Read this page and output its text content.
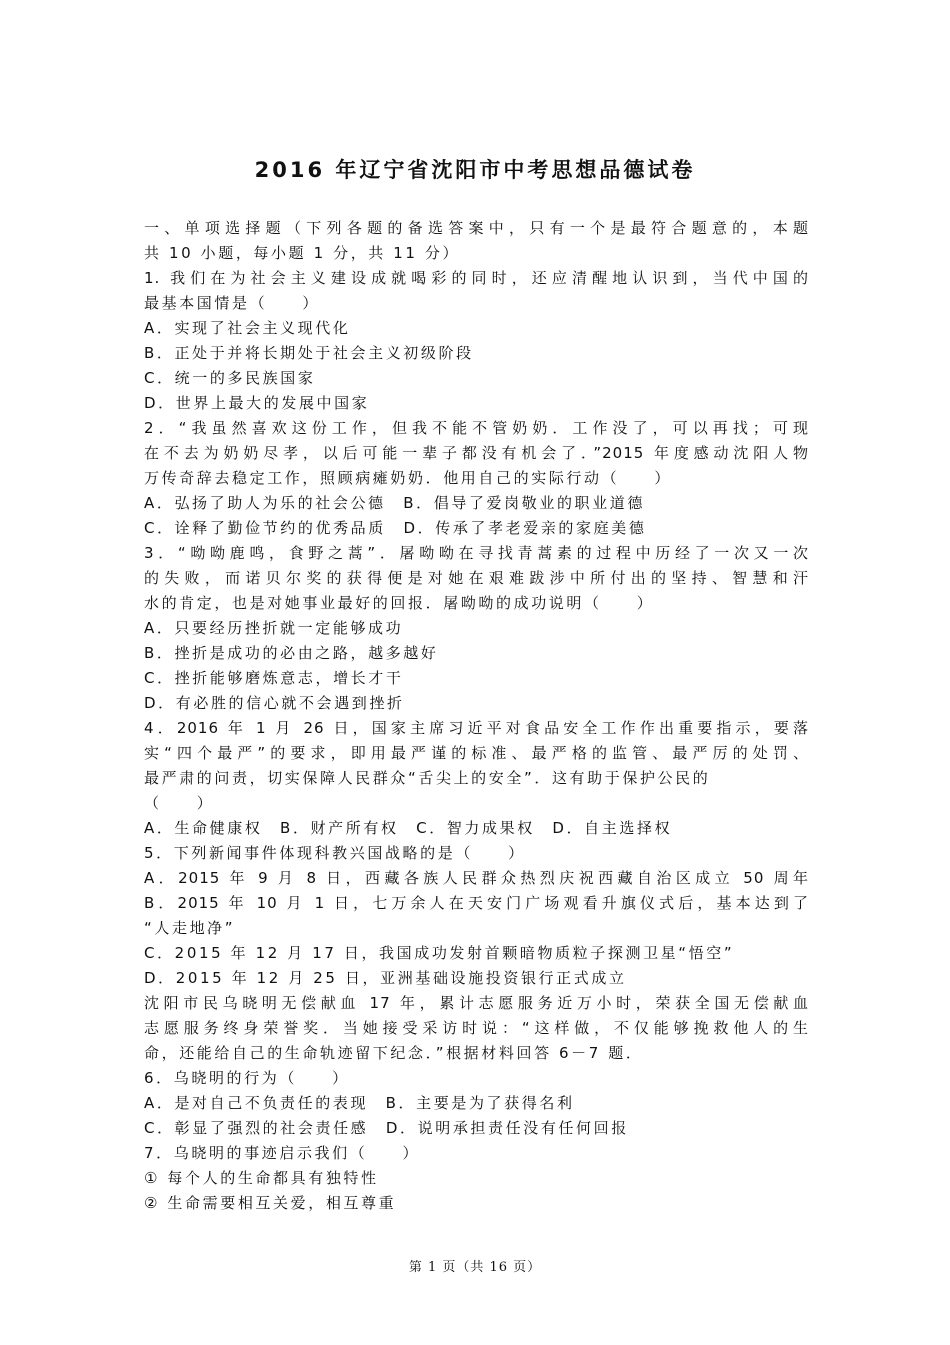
2016 年辽宁省沈阳市中考思想品德试卷
一、单项选择题（下列各题的备选答案中，只有一个是最符合题意的，本题
共 10 小题，每小题 1 分，共 11 分）
1. 我们在为社会主义建设成就喝彩的同时，还应清醒地认识到，当代中国的
最基本国情是（　　）
A．实现了社会主义现代化
B．正处于并将长期处于社会主义初级阶段
C．统一的多民族国家
D．世界上最大的发展中国家
2．“我虽然喜欢这份工作，但我不能不管奶奶．工作没了，可以再找；可现
在不去为奶奶尽孝，以后可能一辈子都没有机会了．”2015 年度感动沈阳人物
万传奇辞去稳定工作，照顾病瘫奶奶．他用自己的实际行动（　　）
A．弘扬了助人为乐的社会公德　B．倡导了爱岗敬业的职业道德
C．诠释了勤俭节约的优秀品质　D．传承了孝老爱亲的家庭美德
3．“呦呦鹿鸣，食野之蒿”．屠呦呦在寻找青蒿素的过程中历经了一次又一次
的失败，而诺贝尔奖的获得便是对她在艰难跋涉中所付出的坚持、智慧和汗
水的肯定，也是对她事业最好的回报．屠呦呦的成功说明（　　）
A．只要经历挫折就一定能够成功
B．挫折是成功的必由之路，越多越好
C．挫折能够磨炼意志，增长才干
D．有必胜的信心就不会遇到挫折
4．2016 年 1 月 26 日，国家主席习近平对食品安全工作作出重要指示，要落
实“四个最严”的要求，即用最严谨的标准、最严格的监管、最严厉的处罚、
最严肃的问责，切实保障人民群众“舌尖上的安全”．这有助于保护公民的
（　　）
A．生命健康权　B．财产所有权　C．智力成果权　D．自主选择权
5．下列新闻事件体现科教兴国战略的是（　　）
A．2015 年 9 月 8 日，西藏各族人民群众热烈庆祝西藏自治区成立 50 周年
B．2015 年 10 月 1 日，七万余人在天安门广场观看升旗仪式后，基本达到了
“人走地净”
C．2015 年 12 月 17 日，我国成功发射首颗暗物质粒子探测卫星“悟空”
D．2015 年 12 月 25 日，亚洲基础设施投资银行正式成立
沈阳市民乌晓明无偿献血 17 年，累计志愿服务近万小时，荣获全国无偿献血
志愿服务终身荣誉奖．当她接受采访时说：“这样做，不仅能够挽救他人的生
命，还能给自己的生命轨迹留下纪念．”根据材料回答 6－7 题．
6．乌晓明的行为（　　）
A．是对自己不负责任的表现　B．主要是为了获得名利
C．彰显了强烈的社会责任感　D．说明承担责任没有任何回报
7．乌晓明的事迹启示我们（　　）
① 每个人的生命都具有独特性
② 生命需要相互关爱，相互尊重
第 1 页（共 16 页）
